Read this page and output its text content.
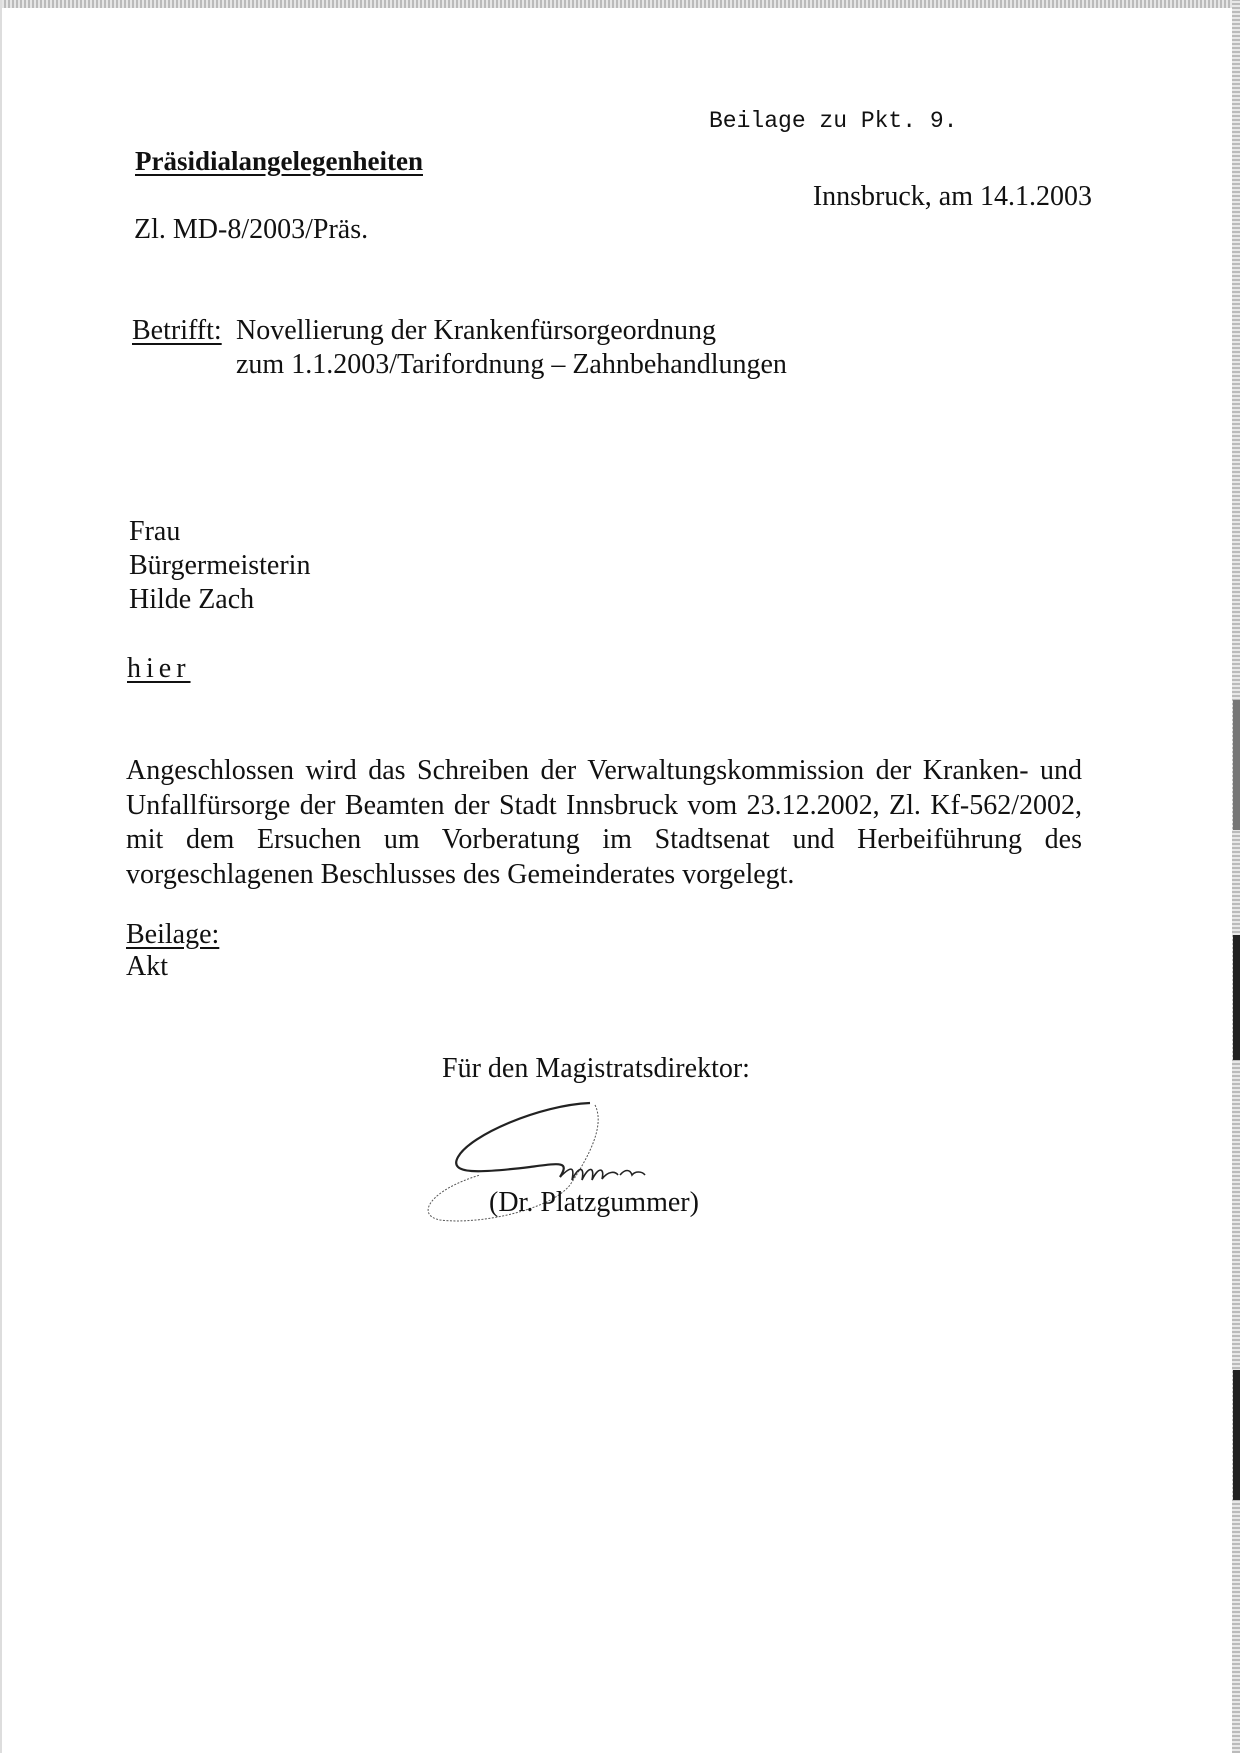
Beilage zu Pkt. 9.
Präsidialangelegenheiten
Innsbruck, am 14.1.2003
Zl. MD-8/2003/Präs.
Betrifft: Novellierung der Krankenfürsorgeordnung
zum 1.1.2003/Tarifordnung – Zahnbehandlungen
Frau
Bürgermeisterin
Hilde Zach
hier
Angeschlossen wird das Schreiben der Verwaltungskommission der Kranken- und Unfallfürsorge der Beamten der Stadt Innsbruck vom 23.12.2002, Zl. Kf-562/2002, mit dem Ersuchen um Vorberatung im Stadtsenat und Herbeiführung des vorgeschlagenen Beschlusses des Gemeinderates vorgelegt.
Beilage:
Akt
Für den Magistratsdirektor:
(Dr. Platzgummer)
